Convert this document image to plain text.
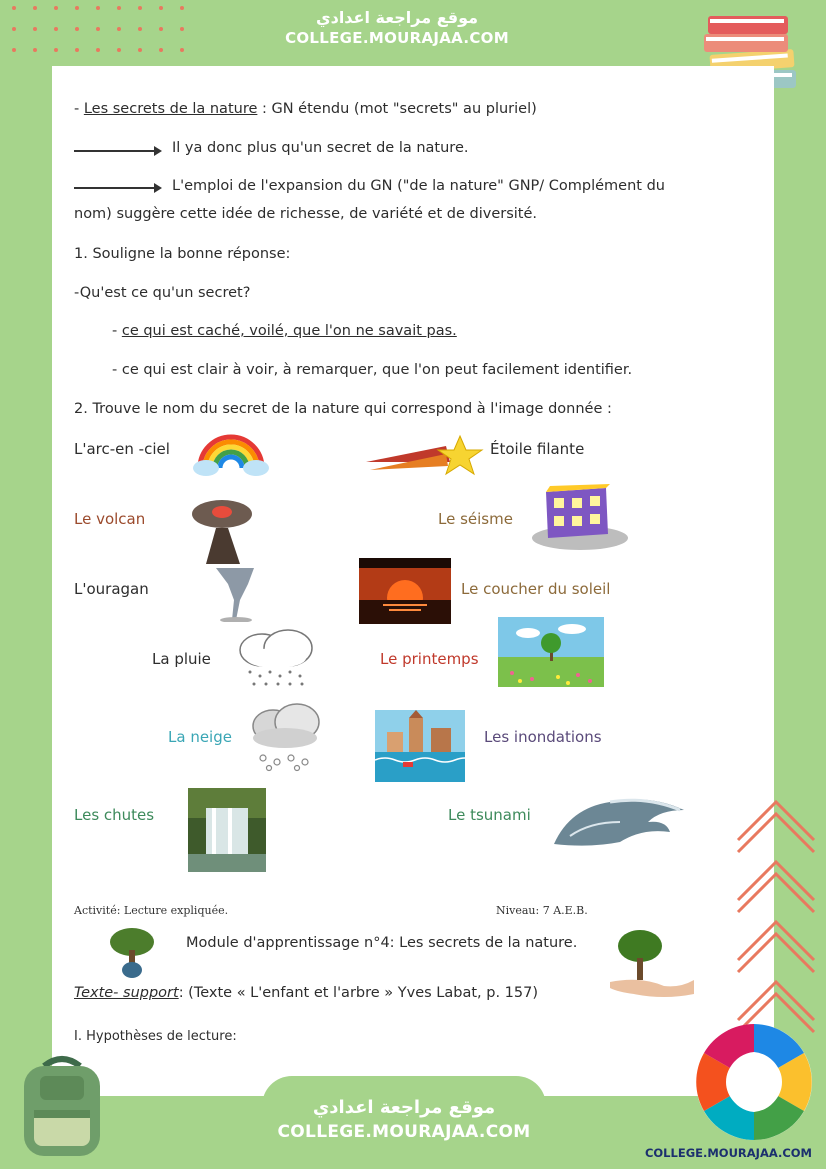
موقع مراجعة اعدادي
COLLEGE.MOURAJAA.COM
- Les secrets de la nature : GN étendu (mot "secrets" au pluriel)
Il ya donc plus qu'un secret de la nature.
L'emploi de l'expansion du GN ("de la nature" GNP/ Complément du
nom) suggère cette idée de richesse, de variété et de diversité.
1. Souligne la bonne réponse:
-Qu'est ce qu'un secret?
- ce qui est caché, voilé, que l'on ne savait pas.
- ce qui est clair à voir, à remarquer, que l'on peut facilement identifier.
2. Trouve le nom du secret de la nature qui correspond à l'image donnée :
L'arc-en -ciel	Étoile filante
Le volcan	Le séisme
L'ouragan	Le coucher du soleil
La pluie	Le printemps
La neige	Les inondations
Les chutes	Le tsunami
Activité: Lecture expliquée.	Niveau: 7 A.E.B.
Module d'apprentissage n°4: Les secrets de la nature.
Texte- support: (Texte « L'enfant et l'arbre » Yves Labat, p. 157)
I. Hypothèses de lecture:
موقع مراجعة اعدادي
COLLEGE.MOURAJAA.COM
COLLEGE.MOURAJAA.COM
